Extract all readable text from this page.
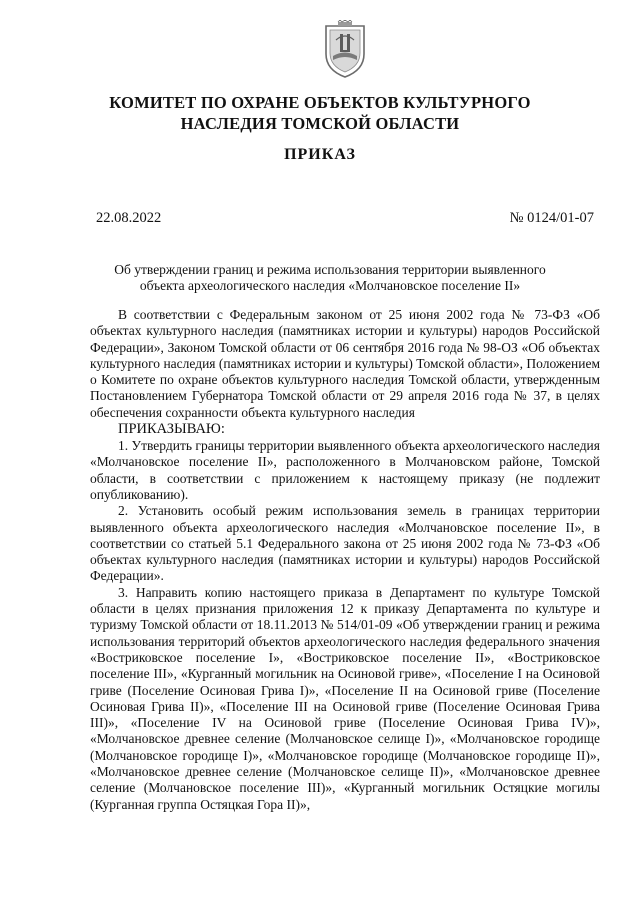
КОМИТЕТ ПО ОХРАНЕ ОБЪЕКТОВ КУЛЬТУРНОГО
НАСЛЕДИЯ ТОМСКОЙ ОБЛАСТИ
ПРИКАЗ
22.08.2022	№ 0124/01-07
Об утверждении границ и режима использования территории выявленного
объекта археологического наследия «Молчановское поселение II»

В соответствии с Федеральным законом от 25 июня 2002 года № 73-ФЗ «Об объектах культурного наследия (памятниках истории и культуры) народов Российской Федерации», Законом Томской области от 06 сентября 2016 года № 98-ОЗ «Об объектах культурного наследия (памятниках истории и культуры) Томской области», Положением о Комитете по охране объектов культурного наследия Томской области, утвержденным Постановлением Губернатора Томской области от 29 апреля 2016 года № 37, в целях обеспечения сохранности объекта культурного наследия

ПРИКАЗЫВАЮ:

1. Утвердить границы территории выявленного объекта археологического наследия «Молчановское поселение II», расположенного в Молчановском районе, Томской области, в соответствии с приложением к настоящему приказу (не подлежит опубликованию).

2. Установить особый режим использования земель в границах территории выявленного объекта археологического наследия «Молчановское поселение II», в соответствии со статьей 5.1 Федерального закона от 25 июня 2002 года № 73-ФЗ «Об объектах культурного наследия (памятниках истории и культуры) народов Российской Федерации».

3. Направить копию настоящего приказа в Департамент по культуре Томской области в целях признания приложения 12 к приказу Департамента по культуре и туризму Томской области от 18.11.2013 № 514/01-09 «Об утверждении границ и режима использования территорий объектов археологического наследия федерального значения «Востриковское поселение I», «Востриковское поселение II», «Востриковское поселение III», «Курганный могильник на Осиновой гриве», «Поселение I на Осиновой гриве (Поселение Осиновая Грива I)», «Поселение II на Осиновой гриве (Поселение Осиновая Грива II)», «Поселение III на Осиновой гриве (Поселение Осиновая Грива III)», «Поселение IV на Осиновой гриве (Поселение Осиновая Грива IV)», «Молчановское древнее селение (Молчановское селище I)», «Молчановское городище (Молчановское городище I)», «Молчановское городище (Молчановское городище II)», «Молчановское древнее селение (Молчановское селище II)», «Молчановское древнее селение (Молчановское поселение III)», «Курганный могильник Остяцкие могилы (Курганная группа Остяцкая Гора II)»,
